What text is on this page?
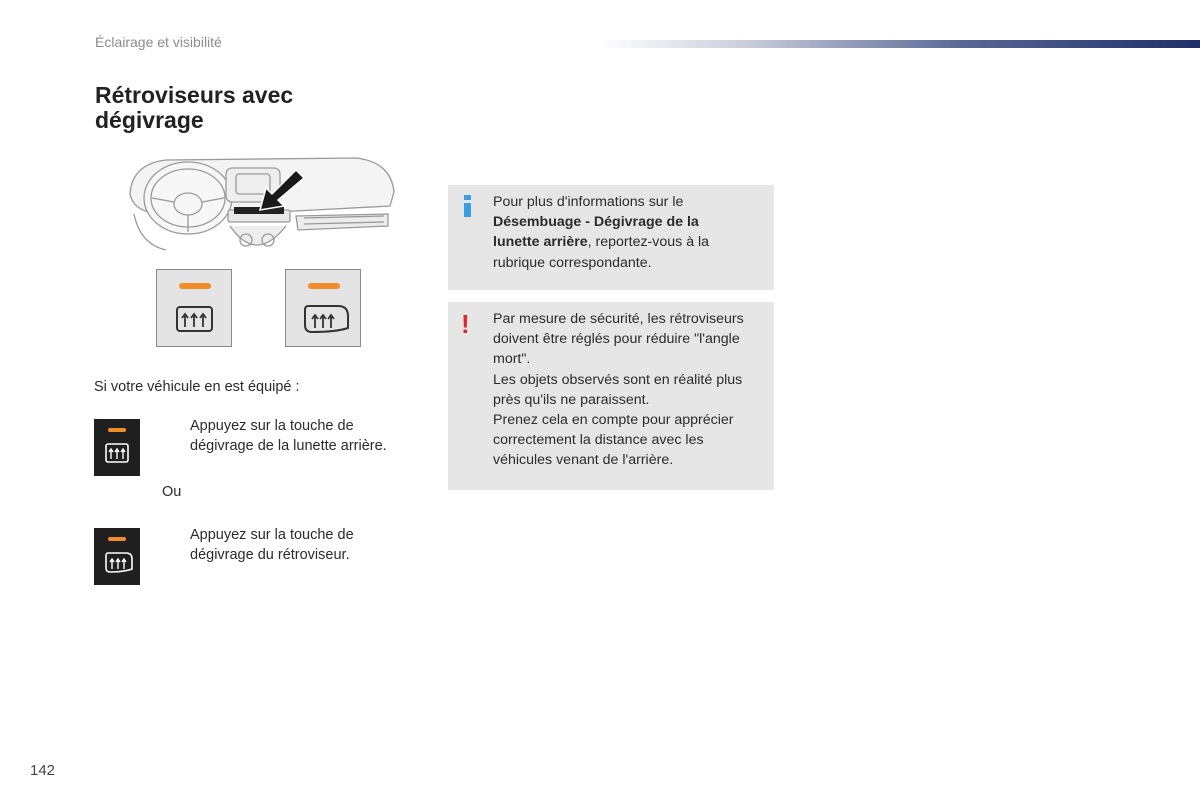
Éclairage et visibilité
Rétroviseurs avec
dégivrage
Si votre véhicule en est équipé :
Appuyez sur la touche de
dégivrage de la lunette arrière.
Ou
Appuyez sur la touche de
dégivrage du rétroviseur.
Pour plus d'informations sur le
Désembuage - Dégivrage de la
lunette arrière, reportez-vous à la
rubrique correspondante.
! Par mesure de sécurité, les rétroviseurs
doivent être réglés pour réduire "l'angle
mort".
Les objets observés sont en réalité plus
près qu'ils ne paraissent.
Prenez cela en compte pour apprécier
correctement la distance avec les
véhicules venant de l'arrière.
142
